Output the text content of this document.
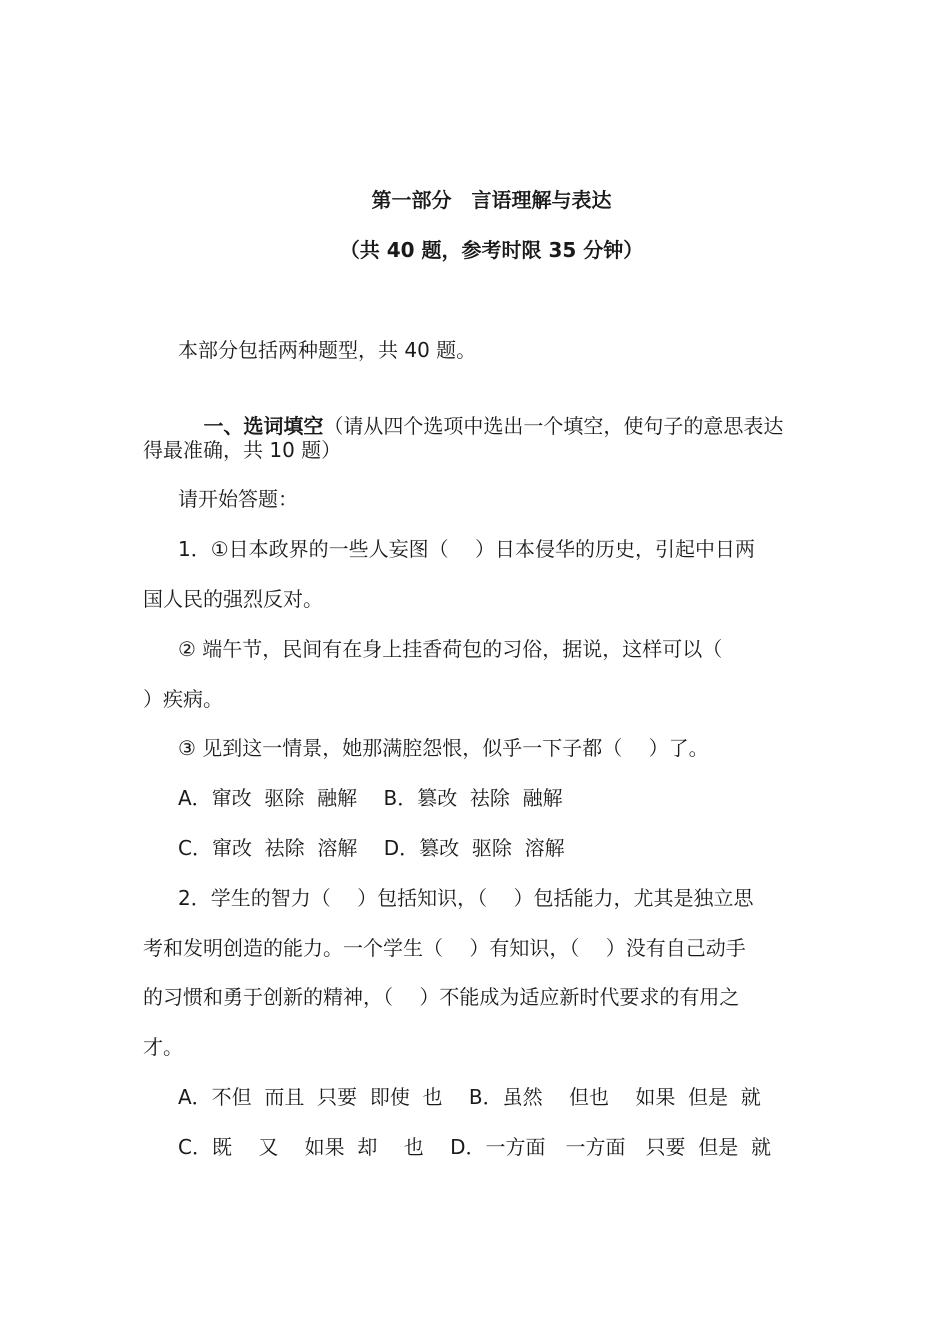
第一部分　言语理解与表达
（共 40 题，参考时限 35 分钟）
本部分包括两种题型，共 40 题。

一、选词填空（请从四个选项中选出一个填空，使句子的意思表达

得最准确，共 10 题）
请开始答题：
1．①日本政界的一些人妄图（　 ）日本侵华的历史，引起中日两
国人民的强烈反对。
② 端午节，民间有在身上挂香荷包的习俗，据说，这样可以（
）疾病。
③ 见到这一情景，她那满腔怨恨，似乎一下子都（　 ）了。
A．窜改  驱除  融解　 B．篡改  祛除  融解
C．窜改  祛除  溶解　 D．篡改  驱除  溶解
2．学生的智力（　 ）包括知识，（　 ）包括能力，尤其是独立思
考和发明创造的能力。一个学生（　 ）有知识，（　 ）没有自己动手
的习惯和勇于创新的精神，（　 ）不能成为适应新时代要求的有用之
才。
A．不但  而且  只要  即使  也　 B．虽然　 但也　 如果  但是  就
C．既　 又　 如果  却　 也　 D．一方面　一方面　只要  但是  就
